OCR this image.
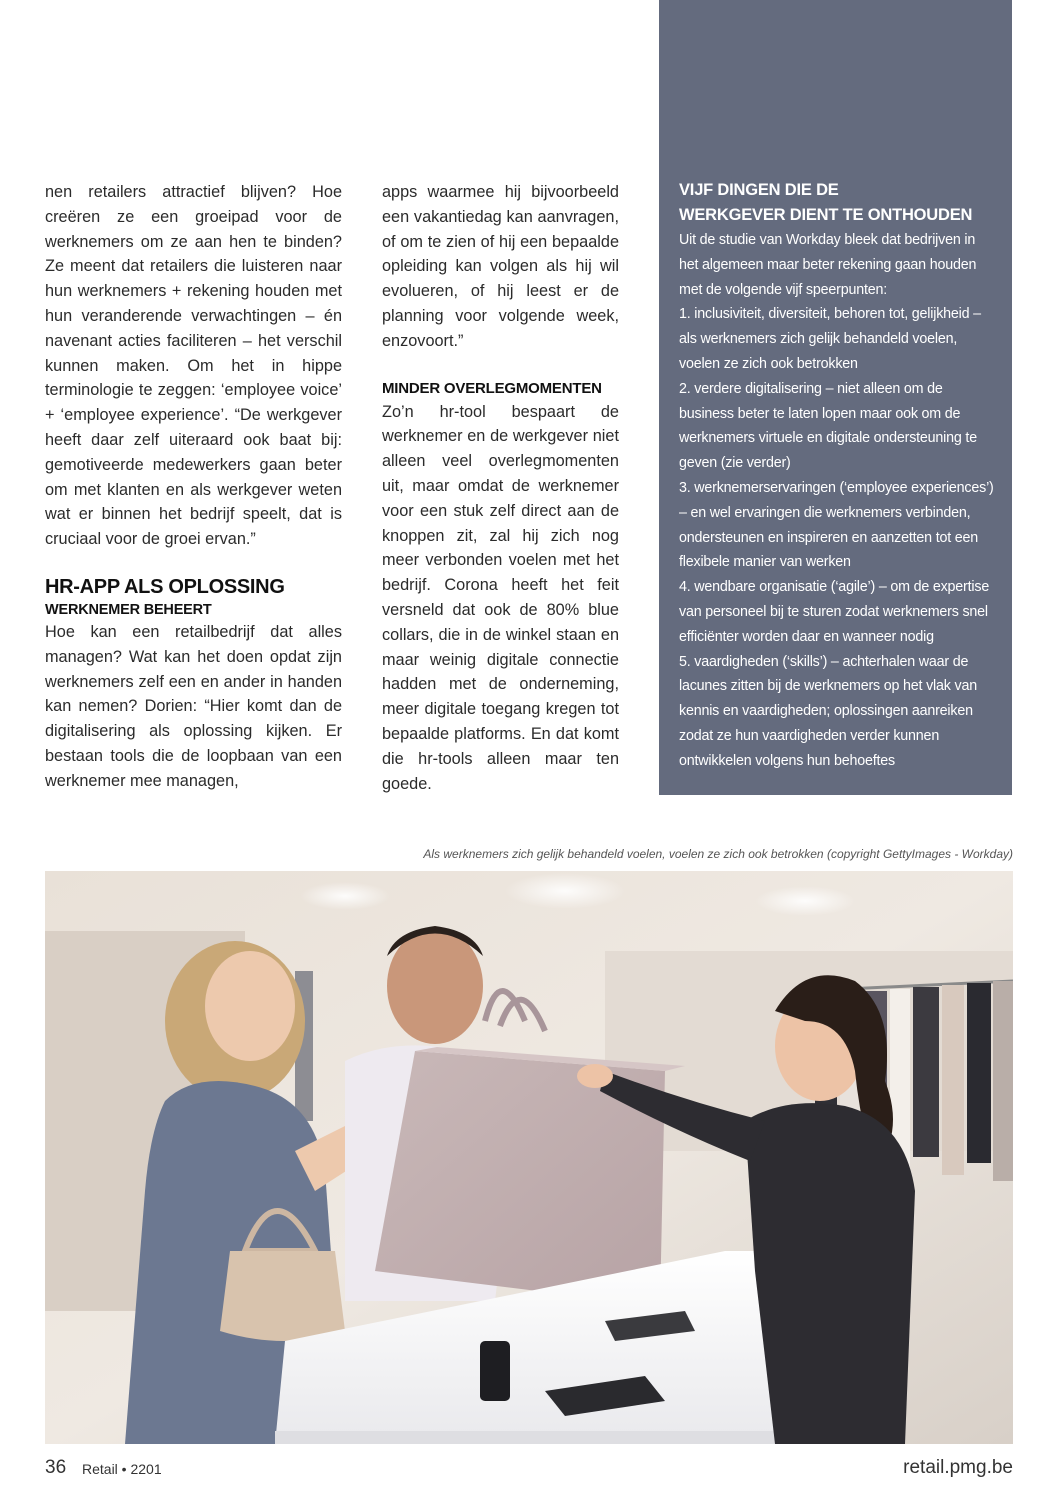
nen retailers attractief blijven? Hoe creëren ze een groeipad voor de werknemers om ze aan hen te binden? Ze meent dat retailers die luisteren naar hun werknemers + rekening houden met hun veranderende verwachtingen – én navenant acties faciliteren – het verschil kunnen maken. Om het in hippe terminologie te zeggen: ‘employee voice’ + ‘employee experience’. “De werkgever heeft daar zelf uiteraard ook baat bij: gemotiveerde medewerkers gaan beter om met klanten en als werkgever weten wat er binnen het bedrijf speelt, dat is cruciaal voor de groei ervan.”

HR-APP ALS OPLOSSING
WERKNEMER BEHEERT

Hoe kan een retailbedrijf dat alles managen? Wat kan het doen opdat zijn werknemers zelf een en ander in handen kan nemen? Dorien: “Hier komt dan de digitalisering als oplossing kijken. Er bestaan tools die de loopbaan van een werknemer mee managen,

apps waarmee hij bijvoorbeeld een vakantiedag kan aanvragen, of om te zien of hij een bepaalde opleiding kan volgen als hij wil evolueren, of hij leest er de planning voor volgende week, enzovoort.”

MINDER OVERLEGMOMENTEN

Zo’n hr-tool bespaart de werknemer en de werkgever niet alleen veel overlegmomenten uit, maar omdat de werknemer voor een stuk zelf direct aan de knoppen zit, zal hij zich nog meer verbonden voelen met het bedrijf. Corona heeft het feit versneld dat ook de 80% blue collars, die in de winkel staan en maar weinig digitale connectie hadden met de onderneming, meer digitale toegang kregen tot bepaalde platforms. En dat komt die hr-tools alleen maar ten goede.

VIJF DINGEN DIE DE
WERKGEVER DIENT TE ONTHOUDEN
Uit de studie van Workday bleek dat bedrijven in het algemeen maar beter rekening gaan houden met de volgende vijf speerpunten:
1. inclusiviteit, diversiteit, behoren tot, gelijkheid – als werknemers zich gelijk behandeld voelen, voelen ze zich ook betrokken
2. verdere digitalisering – niet alleen om de business beter te laten lopen maar ook om de werknemers virtuele en digitale ondersteuning te geven (zie verder)
3. werknemerservaringen (‘employee experiences’) – en wel ervaringen die werknemers verbinden, ondersteunen en inspireren en aanzetten tot een flexibele manier van werken
4. wendbare organisatie (‘agile’) – om de expertise van personeel bij te sturen zodat werknemers snel efficiënter worden daar en wanneer nodig
5. vaardigheden (‘skills’) – achterhalen waar de lacunes zitten bij de werknemers op het vlak van kennis en vaardigheden; oplossingen aanreiken zodat ze hun vaardigheden verder kunnen ontwikkelen volgens hun behoeftes
Als werknemers zich gelijk behandeld voelen, voelen ze zich ook betrokken (copyright GettyImages - Workday)
36 Retail • 2201	retail.pmg.be
